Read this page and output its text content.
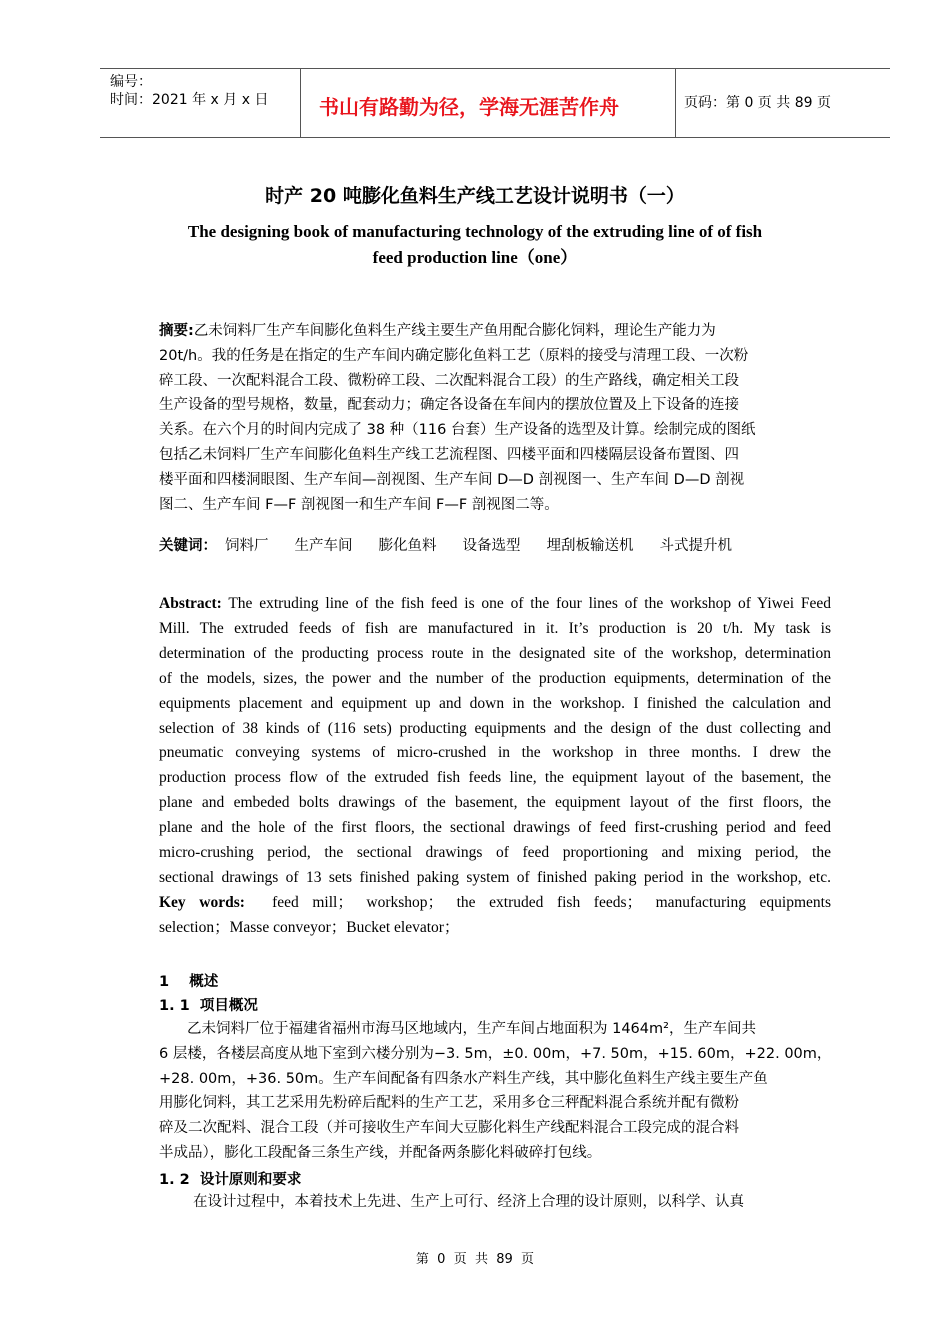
编号：
时间：2021 年 x 月 x 日	书山有路勤为径，学海无涯苦作舟	页码：第 0 页 共 89 页
时产 20 吨膨化鱼料生产线工艺设计说明书（一）
The designing book of manufacturing technology of the extruding line of of fish
feed production line（one）
摘要:乙未饲料厂生产车间膨化鱼料生产线主要生产鱼用配合膨化饲料，理论生产能力为
20t/h。我的任务是在指定的生产车间内确定膨化鱼料工艺（原料的接受与清理工段、一次粉
碎工段、一次配料混合工段、微粉碎工段、二次配料混合工段）的生产路线，确定相关工段
生产设备的型号规格，数量，配套动力；确定各设备在车间内的摆放位置及上下设备的连接
关系。在六个月的时间内完成了 38 种（116 台套）生产设备的选型及计算。绘制完成的图纸
包括乙未饲料厂生产车间膨化鱼料生产线工艺流程图、四楼平面和四楼隔层设备布置图、四
楼平面和四楼洞眼图、生产车间—剖视图、生产车间 D—D 剖视图一、生产车间 D—D 剖视
图二、生产车间 F—F 剖视图一和生产车间 F—F 剖视图二等。
关键词： 饲料厂 生产车间 膨化鱼料 设备选型 埋刮板输送机 斗式提升机
Abstract: The extruding line of the fish feed is one of the four lines of the workshop of Yiwei Feed
Mill. The extruded feeds of fish are manufactured in it. It’s production is 20 t/h. My task is
determination of the producting process route in the designated site of the workshop, determination
of the models, sizes, the power and the number of the production equipments, determination of the
equipments placement and equipment up and down in the workshop. I finished the calculation and
selection of 38 kinds of (116 sets) producting equipments and the design of the dust collecting and
pneumatic conveying systems of micro-crushed in the workshop in three months. I drew the
production process flow of the extruded fish feeds line, the equipment layout of the basement, the
plane and embeded bolts drawings of the basement, the equipment layout of the first floors, the
plane and the hole of the first floors, the sectional drawings of feed first-crushing period and feed
micro-crushing period, the sectional drawings of feed proportioning and mixing period, the
sectional drawings of 13 sets finished paking system of finished paking period in the workshop, etc.
Key words: feed mill； workshop； the extruded fish feeds； manufacturing equipments
selection；Masse conveyor；Bucket elevator；
1    概述
1. 1  项目概况
乙未饲料厂位于福建省福州市海马区地域内，生产车间占地面积为 1464m²，生产车间共
6 层楼，各楼层高度从地下室到六楼分别为−3. 5m，±0. 00m，+7. 50m，+15. 60m，+22. 00m，
+28. 00m，+36. 50m。生产车间配备有四条水产料生产线，其中膨化鱼料生产线主要生产鱼
用膨化饲料，其工艺采用先粉碎后配料的生产工艺，采用多仓三秤配料混合系统并配有微粉
碎及二次配料、混合工段（并可接收生产车间大豆膨化料生产线配料混合工段完成的混合料
半成品），膨化工段配备三条生产线，并配备两条膨化料破碎打包线。
1. 2  设计原则和要求
在设计过程中，本着技术上先进、生产上可行、经济上合理的设计原则，以科学、认真
第  0  页  共  89  页
